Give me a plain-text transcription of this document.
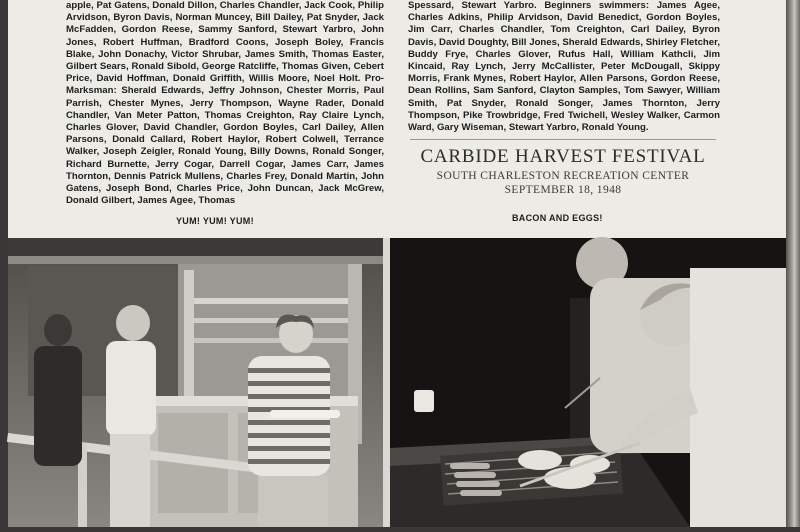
apple, Pat Gatens, Donald Dillon, Charles Chandler, Jack Cook, Philip Arvidson, Byron Davis, Norman Muncey, Bill Dailey, Pat Snyder, Jack McFadden, Gordon Reese, Sammy Sanford, Stewart Yarbro, John Jones, Robert Huffman, Bradford Coons, Joseph Boley, Francis Blake, John Donachy, Victor Shrubar, James Smith, Thomas Easter, Gilbert Sears, Ronald Sibold, George Ratcliffe, Thomas Given, Cebert Price, David Hoffman, Donald Griffith, Willis Moore, Noel Holt. Pro-Marksman: Sherald Edwards, Jeffry Johnson, Chester Morris, Paul Parrish, Chester Mynes, Jerry Thompson, Wayne Rader, Donald Chandler, Van Meter Patton, Thomas Creighton, Ray Claire Lynch, Charles Glover, David Chandler, Gordon Boyles, Carl Dailey, Allen Parsons, Donald Callard, Robert Haylor, Robert Colwell, Terrance Walker, Joseph Zeigler, Ronald Young, Billy Downs, Ronald Songer, Richard Burnette, Jerry Cogar, Darrell Cogar, James Carr, James Thornton, Dennis Patrick Mullens, Charles Frey, Donald Martin, John Gatens, Joseph Bond, Charles Price, John Duncan, Jack McGrew, Donald Gilbert, James Agee, Thomas

Spessard, Stewart Yarbro. Beginners swimmers: James Agee, Charles Adkins, Philip Arvidson, David Benedict, Gordon Boyles, Jim Carr, Charles Chandler, Tom Creighton, Carl Dailey, Byron Davis, David Doughty, Bill Jones, Sherald Edwards, Shirley Fletcher, Buddy Frye, Charles Glover, Rufus Hall, William Kathcli, Jim Kincaid, Ray Lynch, Jerry McCallister, Peter McDougall, Skippy Morris, Frank Mynes, Robert Haylor, Allen Parsons, Gordon Reese, Dean Rollins, Sam Sanford, Clayton Samples, Tom Sawyer, William Smith, Pat Snyder, Ronald Songer, James Thornton, Jerry Thompson, Pike Trowbridge, Fred Twichell, Wesley Walker, Carmon Ward, Gary Wiseman, Stewart Yarbro, Ronald Young.

CARBIDE HARVEST FESTIVAL
SOUTH CHARLESTON RECREATION CENTER
SEPTEMBER 18, 1948
YUM! YUM! YUM!	BACON AND EGGS!
